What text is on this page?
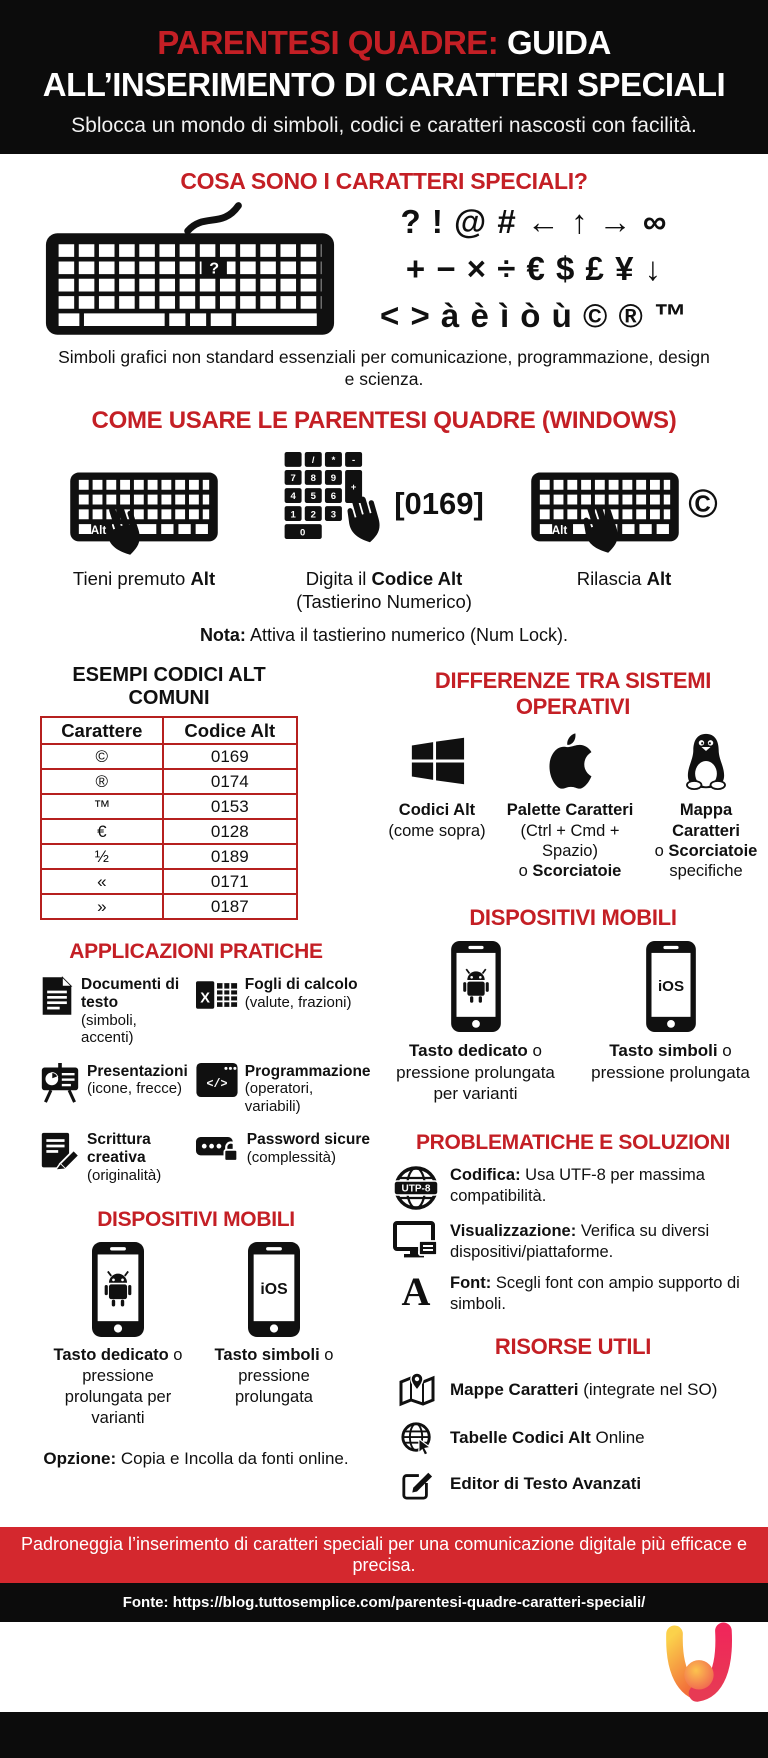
PARENTESI QUADRE: GUIDA ALL’INSERIMENTO DI CARATTERI SPECIALI

Sblocca un mondo di simboli, codici e caratteri nascosti con facilità.

COSA SONO I CARATTERI SPECIALI?
?
? ! @ # ← ↑ → ∞
+ − × ÷ € $ £ ¥ ↓
< > à è ì ò ù © ® ™

Simboli grafici non standard essenziali per comunicazione, programmazione, design e scienza.

COME USARE LE PARENTESI QUADRE (WINDOWS)
Alt

Tieni premuto Alt

/ * -
7 8 9
+
4 5 6
1 2 3
0
[0169]

Digita il Codice Alt
(Tastierino Numerico)

Alt
©

Rilascia Alt

Nota: Attiva il tastierino numerico (Num Lock).

ESEMPI CODICI ALT COMUNI
Carattere	Codice Alt
©	0169
®	0174
™	0153
€	0128
½	0189
«	0171
»	0187
APPLICAZIONI PRATICHE
Documenti di testo
(simboli, accenti)
X
Fogli di calcolo
(valute, frazioni)
Presentazioni
(icone, frecce)	</>
Programmazione
(operatori, variabili)
Scrittura creativa
(originalità)
Password sicure
(complessità)
DISPOSITIVI MOBILI
Tasto dedicato o pressione prolungata per varianti
iOS
Tasto simboli o pressione prolungata

Opzione: Copia e Incolla da fonti online.

DIFFERENZE TRA SISTEMI OPERATIVI
Codici Alt
(come sopra)
Palette Caratteri
(Ctrl + Cmd + Spazio)
o Scorciatoie
Mappa Caratteri
o Scorciatoie
specifiche
DISPOSITIVI MOBILI
Tasto dedicato o pressione prolungata per varianti
iOS
Tasto simboli o pressione prolungata
PROBLEMATICHE E SOLUZIONI
UTP-8
Codifica: Usa UTF-8 per massima compatibilità.
Visualizzazione: Verifica su diversi dispositivi/piattaforme.
A	Font: Scegli font con ampio supporto di simboli.
RISORSE UTILI
Mappe Caratteri (integrate nel SO)
Tabelle Codici Alt Online
Editor di Testo Avanzati
Padroneggia l’inserimento di caratteri speciali per una comunicazione digitale più efficace e precisa.
Fonte: https://blog.tuttosemplice.com/parentesi-quadre-caratteri-speciali/
